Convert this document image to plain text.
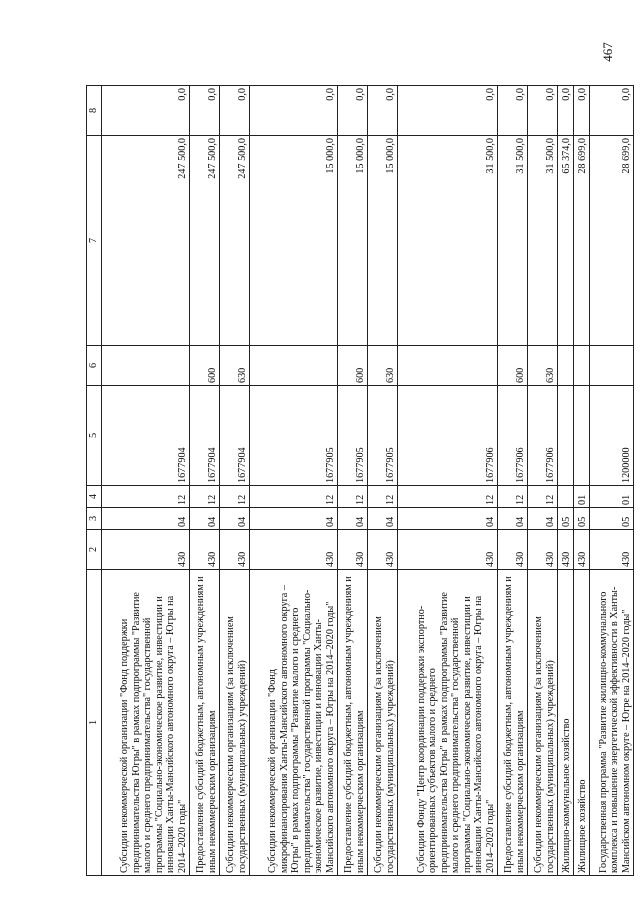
467
1	2	3	4	5	6	7	8
Субсидии некоммерческой организации "Фонд поддержки предпринимательства Югры" в рамках подпрограммы "Развитие малого и среднего предпринимательства" государственной программы "Социально-экономическое развитие, инвестиции и инновации Ханты-Мансийского автономного округа – Югры на 2014–2020 годы"	430	04	12	1677904		247 500,0	0,0
Предоставление субсидий бюджетным, автономным учреждениям и иным некоммерческим организациям	430	04	12	1677904	600	247 500,0	0,0
Субсидии некоммерческим организациям (за исключением государственных (муниципальных) учреждений)	430	04	12	1677904	630	247 500,0	0,0
Субсидии некоммерческой организации "Фонд микрофинансирования Ханты-Мансийского автономного округа – Югры" в рамках подпрограммы "Развитие малого и среднего предпринимательства" государственной программы "Социально-экономическое развитие, инвестиции и инновации Ханты-Мансийского автономного округа – Югры на 2014–2020 годы"	430	04	12	1677905		15 000,0	0,0
Предоставление субсидий бюджетным, автономным учреждениям и иным некоммерческим организациям	430	04	12	1677905	600	15 000,0	0,0
Субсидии некоммерческим организациям (за исключением государственных (муниципальных) учреждений)	430	04	12	1677905	630	15 000,0	0,0
Субсидии Фонду "Центр координации поддержки экспортно-ориентированных субъектов малого и среднего предпринимательства Югры" в рамках подпрограммы "Развитие малого и среднего предпринимательства" государственной программы "Социально-экономическое развитие, инвестиции и инновации Ханты-Мансийского автономного округа – Югры на 2014–2020 годы"	430	04	12	1677906		31 500,0	0,0
Предоставление субсидий бюджетным, автономным учреждениям и иным некоммерческим организациям	430	04	12	1677906	600	31 500,0	0,0
Субсидии некоммерческим организациям (за исключением государственных (муниципальных) учреждений)	430	04	12	1677906	630	31 500,0	0,0
Жилищно-коммунальное хозяйство	430	05				65 374,0	0,0
Жилищное хозяйство	430	05	01			28 699,0	0,0
Государственная программа "Развитие жилищно-коммунального комплекса и повышение энергетической эффективности в Ханты-Мансийском автономном округе – Югре на 2014–2020 годы"	430	05	01	1200000		28 699,0	0,0
